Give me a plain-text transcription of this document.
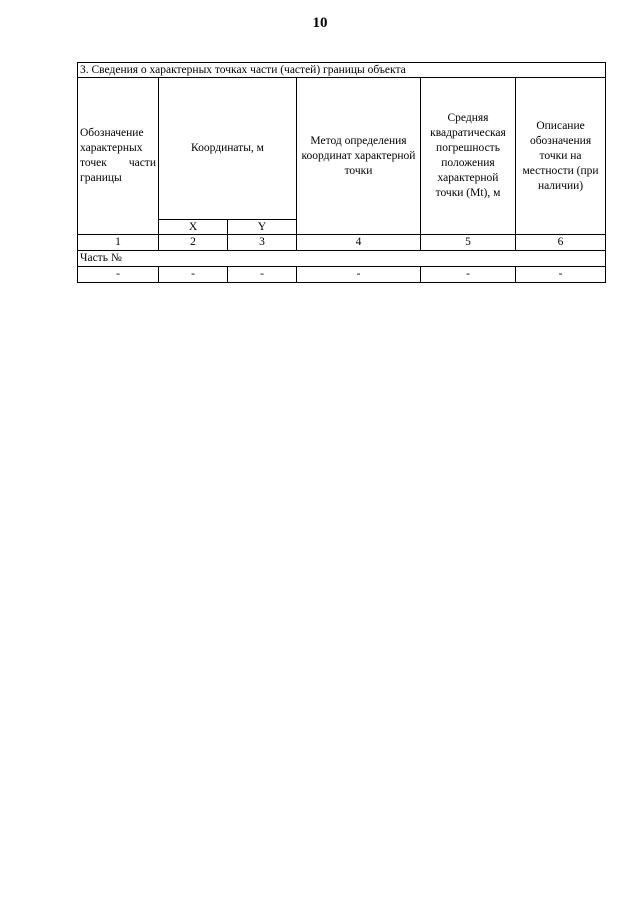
10
3. Сведения о характерных точках части (частей) границы объекта					
Обозначение характерных точек части границы	Координаты, м		Метод определения координат характерной точки	Средняя квадратическая погрешность положения характерной точки (Mt), м	Описание обозначения точки на местности (при наличии)
	X	Y			
1	2	3	4	5	6
Часть №					
-	-	-	-	-	-
